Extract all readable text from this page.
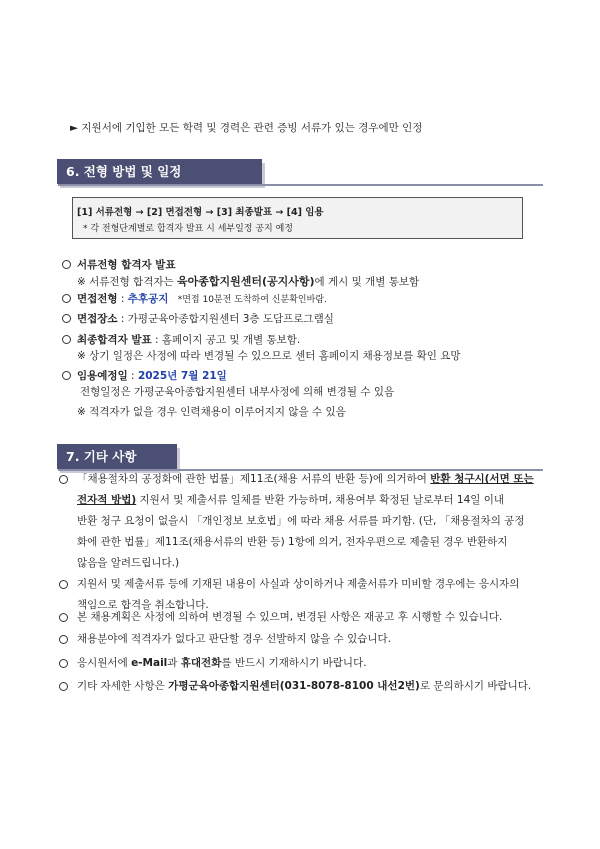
► 지원서에 기입한 모든 학력 및 경력은 관련 증빙 서류가 있는 경우에만 인정
6. 전형 방법 및 일정
[1] 서류전형 → [2] 면접전형 → [3] 최종발표 → [4] 임용
* 각 전형단계별로 합격자 발표 시 세부일정 공지 예정
서류전형 합격자 발표
※ 서류전형 합격자는 육아종합지원센터(공지사항)에 게시 및 개별 통보함
면접전형 : 추후공지 *면접 10분전 도착하여 신분확인바람.
면접장소 : 가평군육아종합지원센터 3층 도담프로그램실
최종합격자 발표 : 홈페이지 공고 및 개별 통보함.
※ 상기 일정은 사정에 따라 변경될 수 있으므로 센터 홈페이지 채용정보를 확인 요망
임용예정일 : 2025년 7월 21일
전형일정은 가평군육아종합지원센터 내부사정에 의해 변경될 수 있음
※ 적격자가 없을 경우 인력채용이 이루어지지 않을 수 있음
7. 기타 사항
「채용절차의 공정화에 관한 법률」제11조(채용 서류의 반환 등)에 의거하여 반환 청구시(서면 또는
전자적 방법) 지원서 및 제출서류 일체를 반환 가능하며, 채용여부 확정된 날로부터 14일 이내
반환 청구 요청이 없을시 「개인정보 보호법」에 따라 채용 서류를 파기함. (단, 「채용절차의 공정
화에 관한 법률」제11조(채용서류의 반환 등) 1항에 의거, 전자우편으로 제출된 경우 반환하지
않음을 알려드립니다.)
지원서 및 제출서류 등에 기재된 내용이 사실과 상이하거나 제출서류가 미비할 경우에는 응시자의
책임으로 합격을 취소합니다.
본 채용계획은 사정에 의하여 변경될 수 있으며, 변경된 사항은 재공고 후 시행할 수 있습니다.
채용분야에 적격자가 없다고 판단할 경우 선발하지 않을 수 있습니다.
응시원서에 e-Mail과 휴대전화를 반드시 기재하시기 바랍니다.
기타 자세한 사항은 가평군육아종합지원센터(031-8078-8100 내선2번)로 문의하시기 바랍니다.
